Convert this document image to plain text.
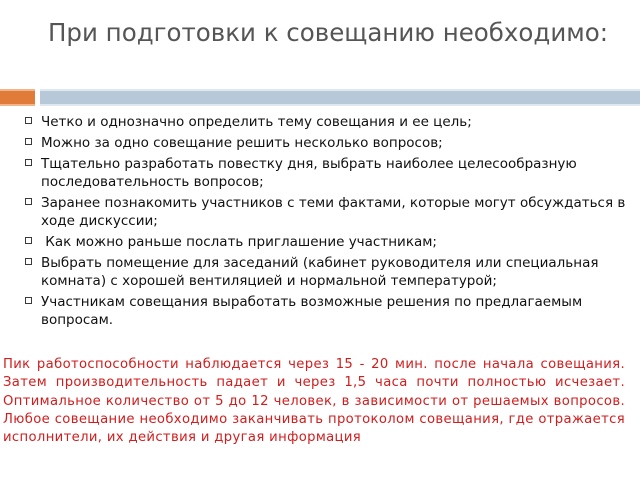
При подготовки к совещанию необходимо:
Четко и однозначно определить тему совещания и ее цель;
Можно за одно совещание решить несколько вопросов;
Тщательно разработать повестку дня, выбрать наиболее целесообразную последовательность вопросов;
Заранее познакомить участников с теми фактами, которые могут обсуждаться в ходе дискуссии;
Как можно раньше послать приглашение участникам;
Выбрать помещение для заседаний (кабинет руководителя или специальная комната) с хорошей вентиляцией и нормальной температурой;
Участникам совещания выработать возможные решения по предлагаемым вопросам.

Пик работоспособности наблюдается через 15 - 20 мин. после начала совещания. Затем производительность падает и через 1,5 часа почти полностью исчезает. Оптимальное количество от 5 до 12 человек, в зависимости от решаемых вопросов. Любое совещание необходимо заканчивать протоколом совещания, где отражается исполнители, их действия и другая информация
